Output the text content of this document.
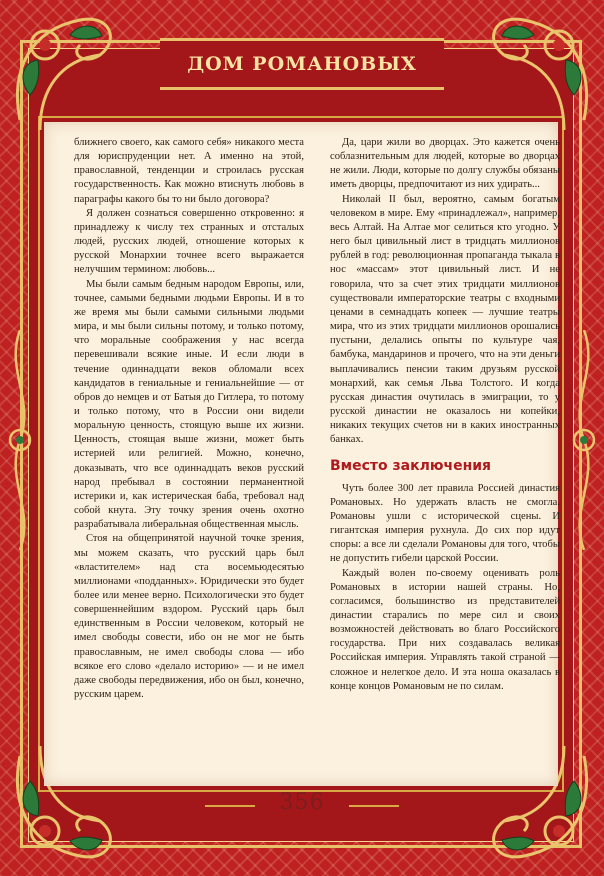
ДОМ РОМАНОВЫХ

ближнего своего, как самого себя» никакого места для юриспруденции нет. А именно на этой, православной, тенденции и строилась русская государственность. Как можно втиснуть любовь в параграфы какого бы то ни было договора?

Я должен сознаться совершенно откровенно: я принадлежу к числу тех странных и отсталых людей, русских людей, отношение которых к русской Монархии точнее всего выражается нелучшим термином: любовь...

Мы были самым бедным народом Европы, или, точнее, самыми бедными людьми Европы. И в то же время мы были самыми сильными людьми мира, и мы были сильны потому, и только потому, что моральные соображения у нас всегда перевешивали всякие иные. И если люди в течение одиннадцати веков обломали всех кандидатов в гениальные и гениальнейшие — от обров до немцев и от Батыя до Гитлера, то потому и только потому, что в России они видели моральную ценность, стоящую выше их жизни. Ценность, стоящая выше жизни, может быть истерией или религией. Можно, конечно, доказывать, что все одиннадцать веков русский народ пребывал в состоянии перманентной истерики и, как истерическая баба, требовал над собой кнута. Эту точку зрения очень охотно разрабатывала либеральная общественная мысль.

Стоя на общепринятой научной точке зрения, мы можем сказать, что русский царь был «властителем» над ста восемьюдесятью миллионами «подданных». Юридически это будет более или менее верно. Психологически это будет совершеннейшим вздором. Русский царь был единственным в России человеком, который не имел свободы совести, ибо он не мог не быть православным, не имел свободы слова — ибо всякое его слово «делало историю» — и не имел даже свободы передвижения, ибо он был, конечно, русским царем.

Да, цари жили во дворцах. Это кажется очень соблазнительным для людей, которые во дворцах не жили. Люди, которые по долгу службы обязаны иметь дворцы, предпочитают из них удирать...

Николай II был, вероятно, самым богатым человеком в мире. Ему «принадлежал», например, весь Алтай. На Алтае мог селиться кто угодно. У него был цивильный лист в тридцать миллионов рублей в год: революционная пропаганда тыкала в нос «массам» этот цивильный лист. И не говорила, что за счет этих тридцати миллионов существовали императорские театры с входными ценами в семнадцать копеек — лучшие театры мира, что из этих тридцати миллионов орошались пустыни, делались опыты по культуре чая, бамбука, мандаринов и прочего, что на эти деньги выплачивались пенсии таким друзьям русской монархий, как семья Льва Толстого. И когда русская династия очутилась в эмиграции, то у русской династии не оказалось ни копейки, никаких текущих счетов ни в каких иностранных банках.

Вместо заключения

Чуть более 300 лет правила Россией династия Романовых. Но удержать власть не смогла. Романовы ушли с исторической сцены. И гигантская империя рухнула. До сих пор идут споры: а все ли сделали Романовы для того, чтобы не допустить гибели царской России.

Каждый волен по-своему оценивать роль Романовых в истории нашей страны. Но, согласимся, большинство из представителей династии старались по мере сил и своих возможностей действовать во благо Российского государства. При них создавалась великая Российская империя. Управлять такой страной — сложное и нелегкое дело. И эта ноша оказалась в конце концов Романовым не по силам.

356
